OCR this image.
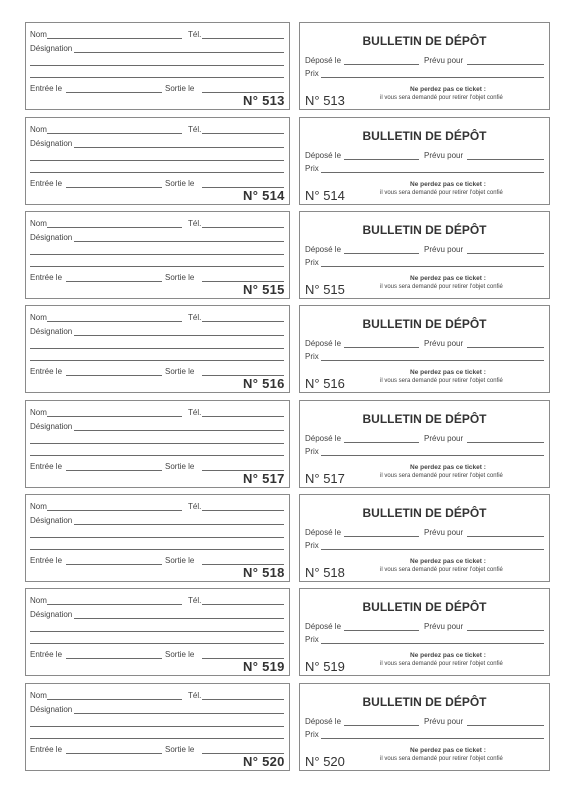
Nom	Tél.
Désignation
Entrée le	Sortie le
N° 513
BULLETIN DE DÉPÔT
Déposé le	Prévu pour
Prix
N° 513
Ne perdez pas ce ticket :
il vous sera demandé pour retirer l'objet confié
Nom	Tél.
Désignation
Entrée le	Sortie le
N° 514
BULLETIN DE DÉPÔT
Déposé le	Prévu pour
Prix
N° 514
Ne perdez pas ce ticket :
il vous sera demandé pour retirer l'objet confié
Nom	Tél.
Désignation
Entrée le	Sortie le
N° 515
BULLETIN DE DÉPÔT
Déposé le	Prévu pour
Prix
N° 515
Ne perdez pas ce ticket :
il vous sera demandé pour retirer l'objet confié
Nom	Tél.
Désignation
Entrée le	Sortie le
N° 516
BULLETIN DE DÉPÔT
Déposé le	Prévu pour
Prix
N° 516
Ne perdez pas ce ticket :
il vous sera demandé pour retirer l'objet confié
Nom	Tél.
Désignation
Entrée le	Sortie le
N° 517
BULLETIN DE DÉPÔT
Déposé le	Prévu pour
Prix
N° 517
Ne perdez pas ce ticket :
il vous sera demandé pour retirer l'objet confié
Nom	Tél.
Désignation
Entrée le	Sortie le
N° 518
BULLETIN DE DÉPÔT
Déposé le	Prévu pour
Prix
N° 518
Ne perdez pas ce ticket :
il vous sera demandé pour retirer l'objet confié
Nom	Tél.
Désignation
Entrée le	Sortie le
N° 519
BULLETIN DE DÉPÔT
Déposé le	Prévu pour
Prix
N° 519
Ne perdez pas ce ticket :
il vous sera demandé pour retirer l'objet confié
Nom	Tél.
Désignation
Entrée le	Sortie le
N° 520
BULLETIN DE DÉPÔT
Déposé le	Prévu pour
Prix
N° 520
Ne perdez pas ce ticket :
il vous sera demandé pour retirer l'objet confié
